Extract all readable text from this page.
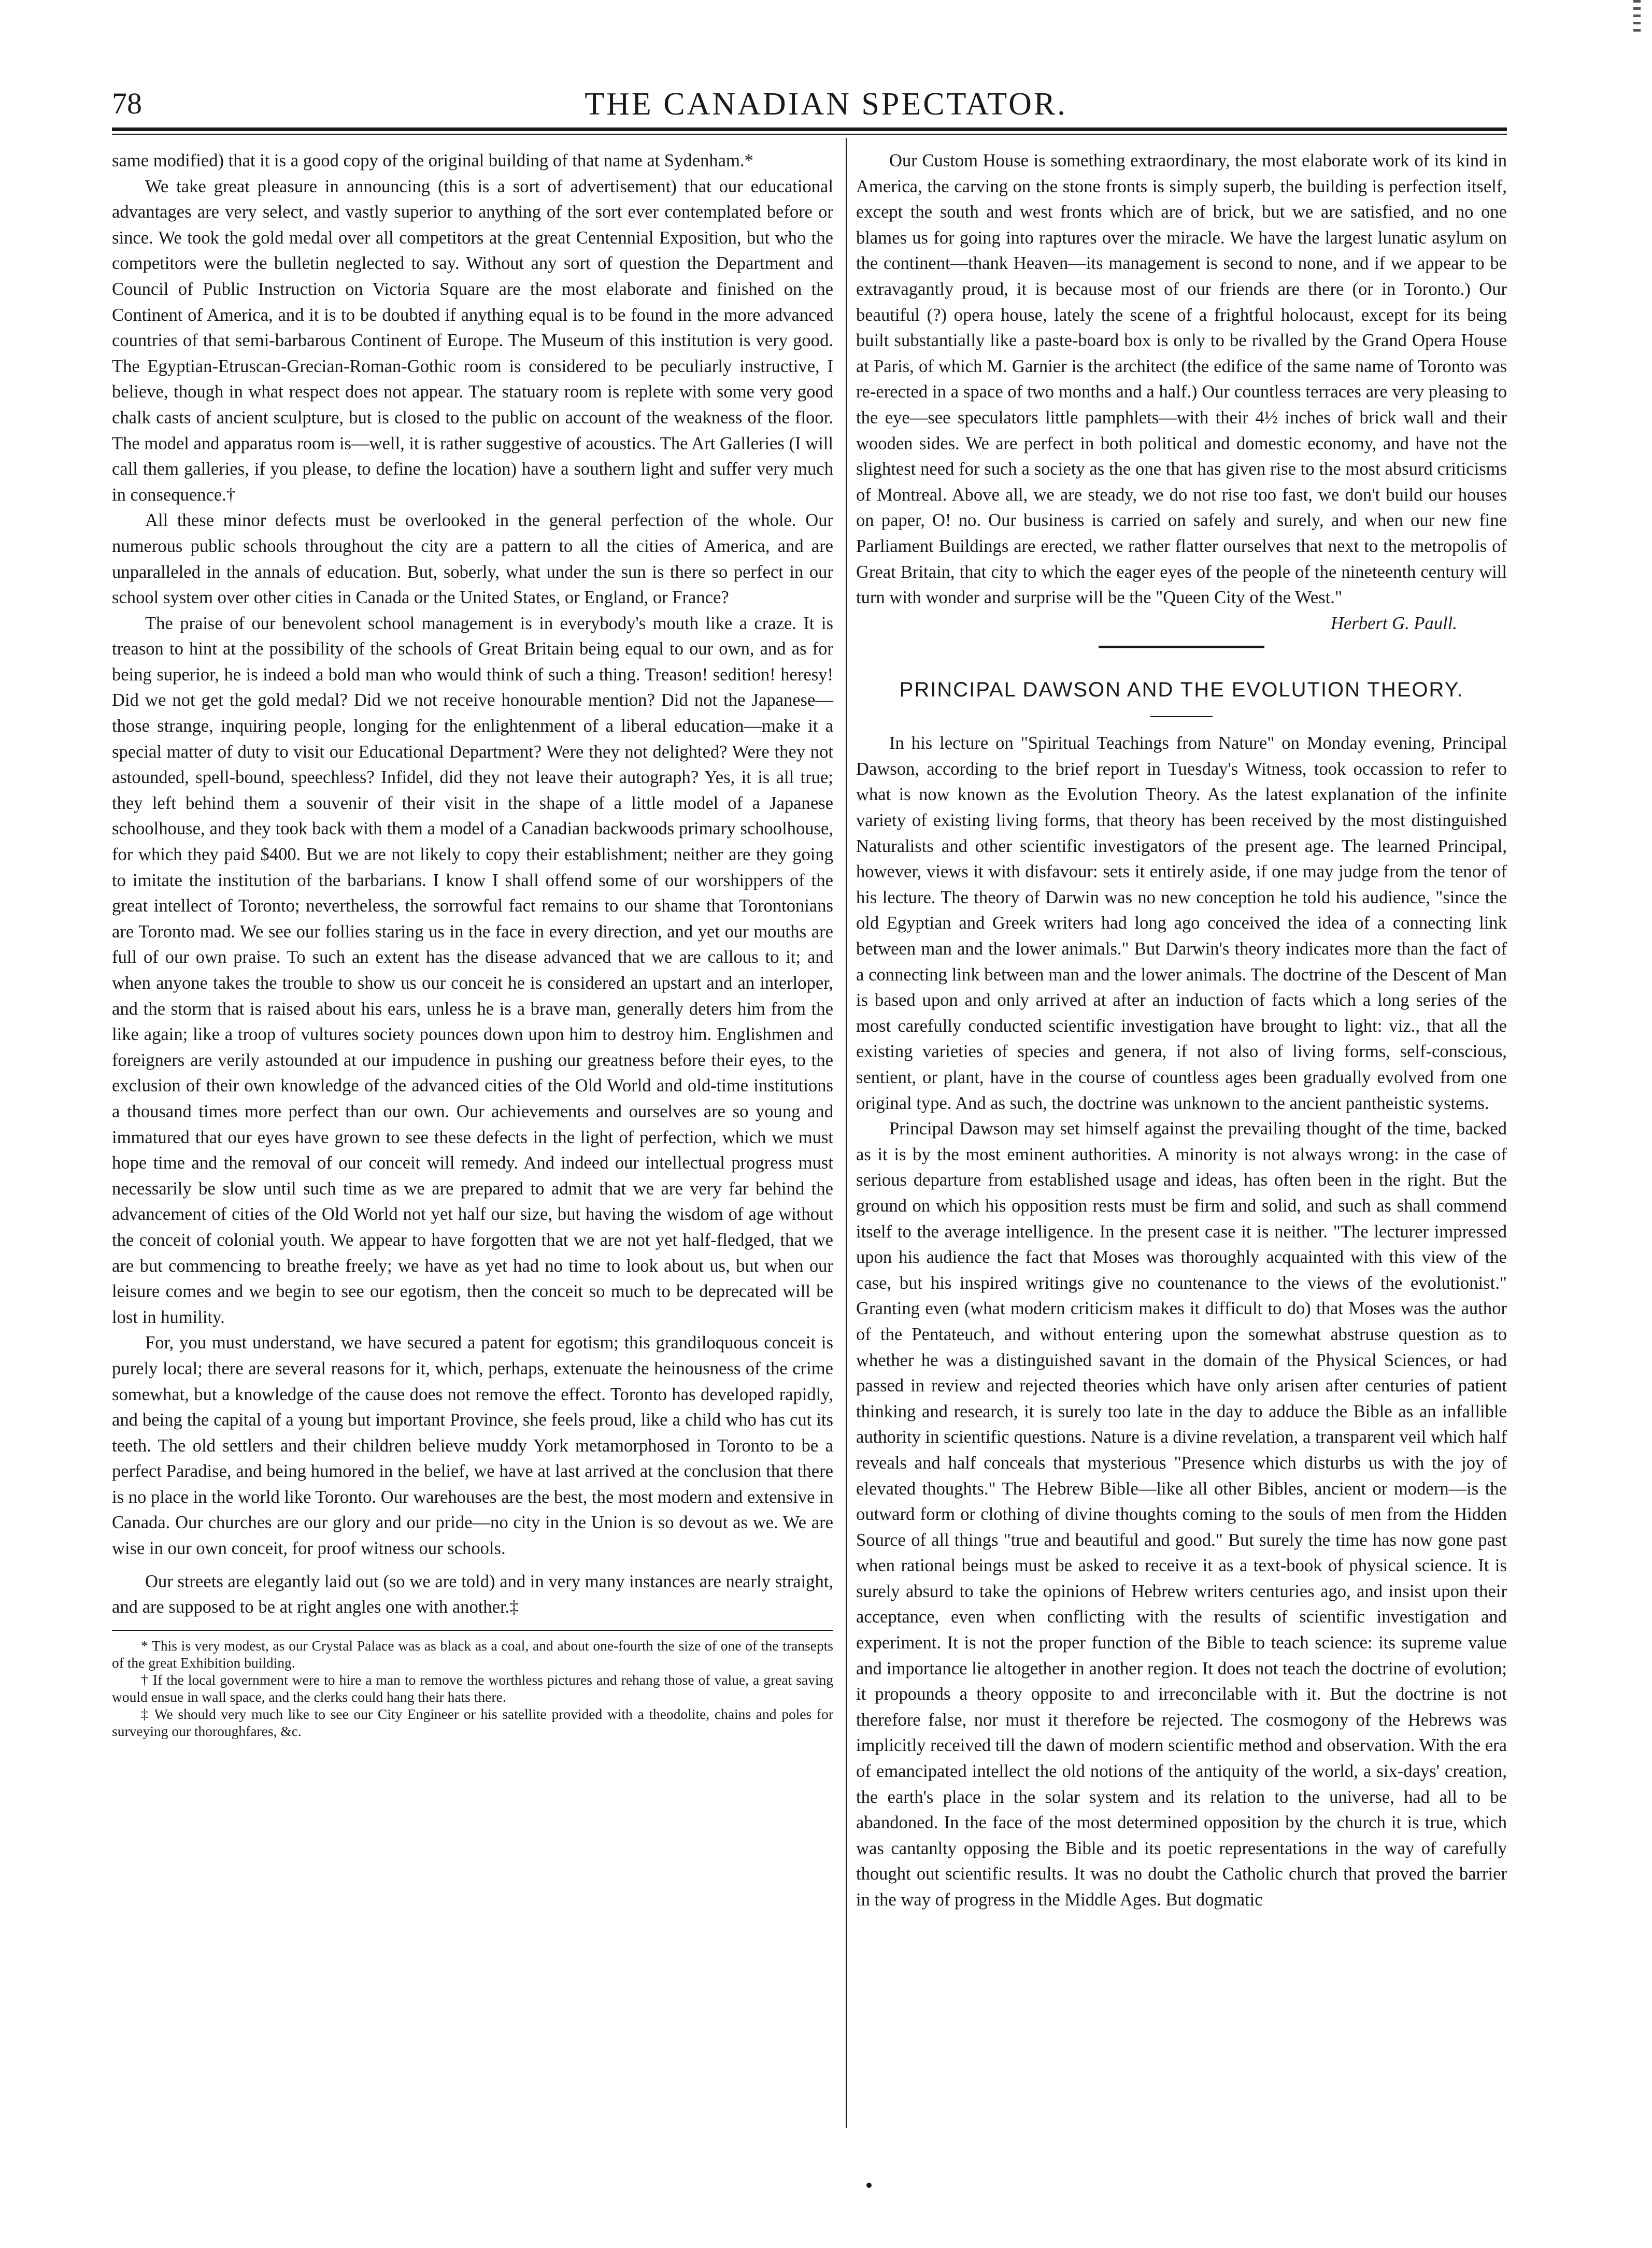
78	THE CANADIAN SPECTATOR.

same modified) that it is a good copy of the original building of that name at Sydenham.*

We take great pleasure in announcing (this is a sort of advertisement) that our educational advantages are very select, and vastly superior to anything of the sort ever contemplated before or since. We took the gold medal over all competitors at the great Centennial Exposition, but who the competitors were the bulletin neglected to say. Without any sort of question the Department and Council of Public Instruction on Victoria Square are the most elaborate and finished on the Continent of America, and it is to be doubted if anything equal is to be found in the more advanced countries of that semi-barbarous Continent of Europe. The Museum of this institution is very good. The Egyptian-Etruscan-Grecian-Roman-Gothic room is considered to be peculiarly instructive, I believe, though in what respect does not appear. The statuary room is replete with some very good chalk casts of ancient sculpture, but is closed to the public on account of the weakness of the floor. The model and apparatus room is—well, it is rather suggestive of acoustics. The Art Galleries (I will call them galleries, if you please, to define the location) have a southern light and suffer very much in consequence.†

All these minor defects must be overlooked in the general perfection of the whole. Our numerous public schools throughout the city are a pattern to all the cities of America, and are unparalleled in the annals of education. But, soberly, what under the sun is there so perfect in our school system over other cities in Canada or the United States, or England, or France?

The praise of our benevolent school management is in everybody's mouth like a craze. It is treason to hint at the possibility of the schools of Great Britain being equal to our own, and as for being superior, he is indeed a bold man who would think of such a thing. Treason! sedition! heresy! Did we not get the gold medal? Did we not receive honourable mention? Did not the Japanese—those strange, inquiring people, longing for the enlightenment of a liberal education—make it a special matter of duty to visit our Educational Department? Were they not delighted? Were they not astounded, spell-bound, speechless? Infidel, did they not leave their autograph? Yes, it is all true; they left behind them a souvenir of their visit in the shape of a little model of a Japanese schoolhouse, and they took back with them a model of a Canadian backwoods primary schoolhouse, for which they paid $400. But we are not likely to copy their establishment; neither are they going to imitate the institution of the barbarians. I know I shall offend some of our worshippers of the great intellect of Toronto; nevertheless, the sorrowful fact remains to our shame that Torontonians are Toronto mad. We see our follies staring us in the face in every direction, and yet our mouths are full of our own praise. To such an extent has the disease advanced that we are callous to it; and when anyone takes the trouble to show us our conceit he is considered an upstart and an interloper, and the storm that is raised about his ears, unless he is a brave man, generally deters him from the like again; like a troop of vultures society pounces down upon him to destroy him. Englishmen and foreigners are verily astounded at our impudence in pushing our greatness before their eyes, to the exclusion of their own knowledge of the advanced cities of the Old World and old-time institutions a thousand times more perfect than our own. Our achievements and ourselves are so young and immatured that our eyes have grown to see these defects in the light of perfection, which we must hope time and the removal of our conceit will remedy. And indeed our intellectual progress must necessarily be slow until such time as we are prepared to admit that we are very far behind the advancement of cities of the Old World not yet half our size, but having the wisdom of age without the conceit of colonial youth. We appear to have forgotten that we are not yet half-fledged, that we are but commencing to breathe freely; we have as yet had no time to look about us, but when our leisure comes and we begin to see our egotism, then the conceit so much to be deprecated will be lost in humility.

For, you must understand, we have secured a patent for egotism; this grandiloquous conceit is purely local; there are several reasons for it, which, perhaps, extenuate the heinousness of the crime somewhat, but a knowledge of the cause does not remove the effect. Toronto has developed rapidly, and being the capital of a young but important Province, she feels proud, like a child who has cut its teeth. The old settlers and their children believe muddy York metamorphosed in Toronto to be a perfect Paradise, and being humored in the belief, we have at last arrived at the conclusion that there is no place in the world like Toronto. Our warehouses are the best, the most modern and extensive in Canada. Our churches are our glory and our pride—no city in the Union is so devout as we. We are wise in our own conceit, for proof witness our schools.

Our streets are elegantly laid out (so we are told) and in very many instances are nearly straight, and are supposed to be at right angles one with another.‡

* This is very modest, as our Crystal Palace was as black as a coal, and about one-fourth the size of one of the transepts of the great Exhibition building.

† If the local government were to hire a man to remove the worthless pictures and rehang those of value, a great saving would ensue in wall space, and the clerks could hang their hats there.

‡ We should very much like to see our City Engineer or his satellite provided with a theodolite, chains and poles for surveying our thoroughfares, &c.

Our Custom House is something extraordinary, the most elaborate work of its kind in America, the carving on the stone fronts is simply superb, the building is perfection itself, except the south and west fronts which are of brick, but we are satisfied, and no one blames us for going into raptures over the miracle. We have the largest lunatic asylum on the continent—thank Heaven—its management is second to none, and if we appear to be extravagantly proud, it is because most of our friends are there (or in Toronto.) Our beautiful (?) opera house, lately the scene of a frightful holocaust, except for its being built substantially like a paste-board box is only to be rivalled by the Grand Opera House at Paris, of which M. Garnier is the architect (the edifice of the same name of Toronto was re-erected in a space of two months and a half.) Our countless terraces are very pleasing to the eye—see speculators little pamphlets—with their 4½ inches of brick wall and their wooden sides. We are perfect in both political and domestic economy, and have not the slightest need for such a society as the one that has given rise to the most absurd criticisms of Montreal. Above all, we are steady, we do not rise too fast, we don't build our houses on paper, O! no. Our business is carried on safely and surely, and when our new fine Parliament Buildings are erected, we rather flatter ourselves that next to the metropolis of Great Britain, that city to which the eager eyes of the people of the nineteenth century will turn with wonder and surprise will be the "Queen City of the West."

Herbert G. Paull.

PRINCIPAL DAWSON AND THE EVOLUTION THEORY.

In his lecture on "Spiritual Teachings from Nature" on Monday evening, Principal Dawson, according to the brief report in Tuesday's Witness, took occassion to refer to what is now known as the Evolution Theory. As the latest explanation of the infinite variety of existing living forms, that theory has been received by the most distinguished Naturalists and other scientific investigators of the present age. The learned Principal, however, views it with disfavour: sets it entirely aside, if one may judge from the tenor of his lecture. The theory of Darwin was no new conception he told his audience, "since the old Egyptian and Greek writers had long ago conceived the idea of a connecting link between man and the lower animals." But Darwin's theory indicates more than the fact of a connecting link between man and the lower animals. The doctrine of the Descent of Man is based upon and only arrived at after an induction of facts which a long series of the most carefully conducted scientific investigation have brought to light: viz., that all the existing varieties of species and genera, if not also of living forms, self-conscious, sentient, or plant, have in the course of countless ages been gradually evolved from one original type. And as such, the doctrine was unknown to the ancient pantheistic systems.

Principal Dawson may set himself against the prevailing thought of the time, backed as it is by the most eminent authorities. A minority is not always wrong: in the case of serious departure from established usage and ideas, has often been in the right. But the ground on which his opposition rests must be firm and solid, and such as shall commend itself to the average intelligence. In the present case it is neither. "The lecturer impressed upon his audience the fact that Moses was thoroughly acquainted with this view of the case, but his inspired writings give no countenance to the views of the evolutionist." Granting even (what modern criticism makes it difficult to do) that Moses was the author of the Pentateuch, and without entering upon the somewhat abstruse question as to whether he was a distinguished savant in the domain of the Physical Sciences, or had passed in review and rejected theories which have only arisen after centuries of patient thinking and research, it is surely too late in the day to adduce the Bible as an infallible authority in scientific questions. Nature is a divine revelation, a transparent veil which half reveals and half conceals that mysterious "Presence which disturbs us with the joy of elevated thoughts." The Hebrew Bible—like all other Bibles, ancient or modern—is the outward form or clothing of divine thoughts coming to the souls of men from the Hidden Source of all things "true and beautiful and good." But surely the time has now gone past when rational beings must be asked to receive it as a text-book of physical science. It is surely absurd to take the opinions of Hebrew writers centuries ago, and insist upon their acceptance, even when conflicting with the results of scientific investigation and experiment. It is not the proper function of the Bible to teach science: its supreme value and importance lie altogether in another region. It does not teach the doctrine of evolution; it propounds a theory opposite to and irreconcilable with it. But the doctrine is not therefore false, nor must it therefore be rejected. The cosmogony of the Hebrews was implicitly received till the dawn of modern scientific method and observation. With the era of emancipated intellect the old notions of the antiquity of the world, a six-days' creation, the earth's place in the solar system and its relation to the universe, had all to be abandoned. In the face of the most determined opposition by the church it is true, which was cantanlty opposing the Bible and its poetic representations in the way of carefully thought out scientific results. It was no doubt the Catholic church that proved the barrier in the way of progress in the Middle Ages. But dogmatic
